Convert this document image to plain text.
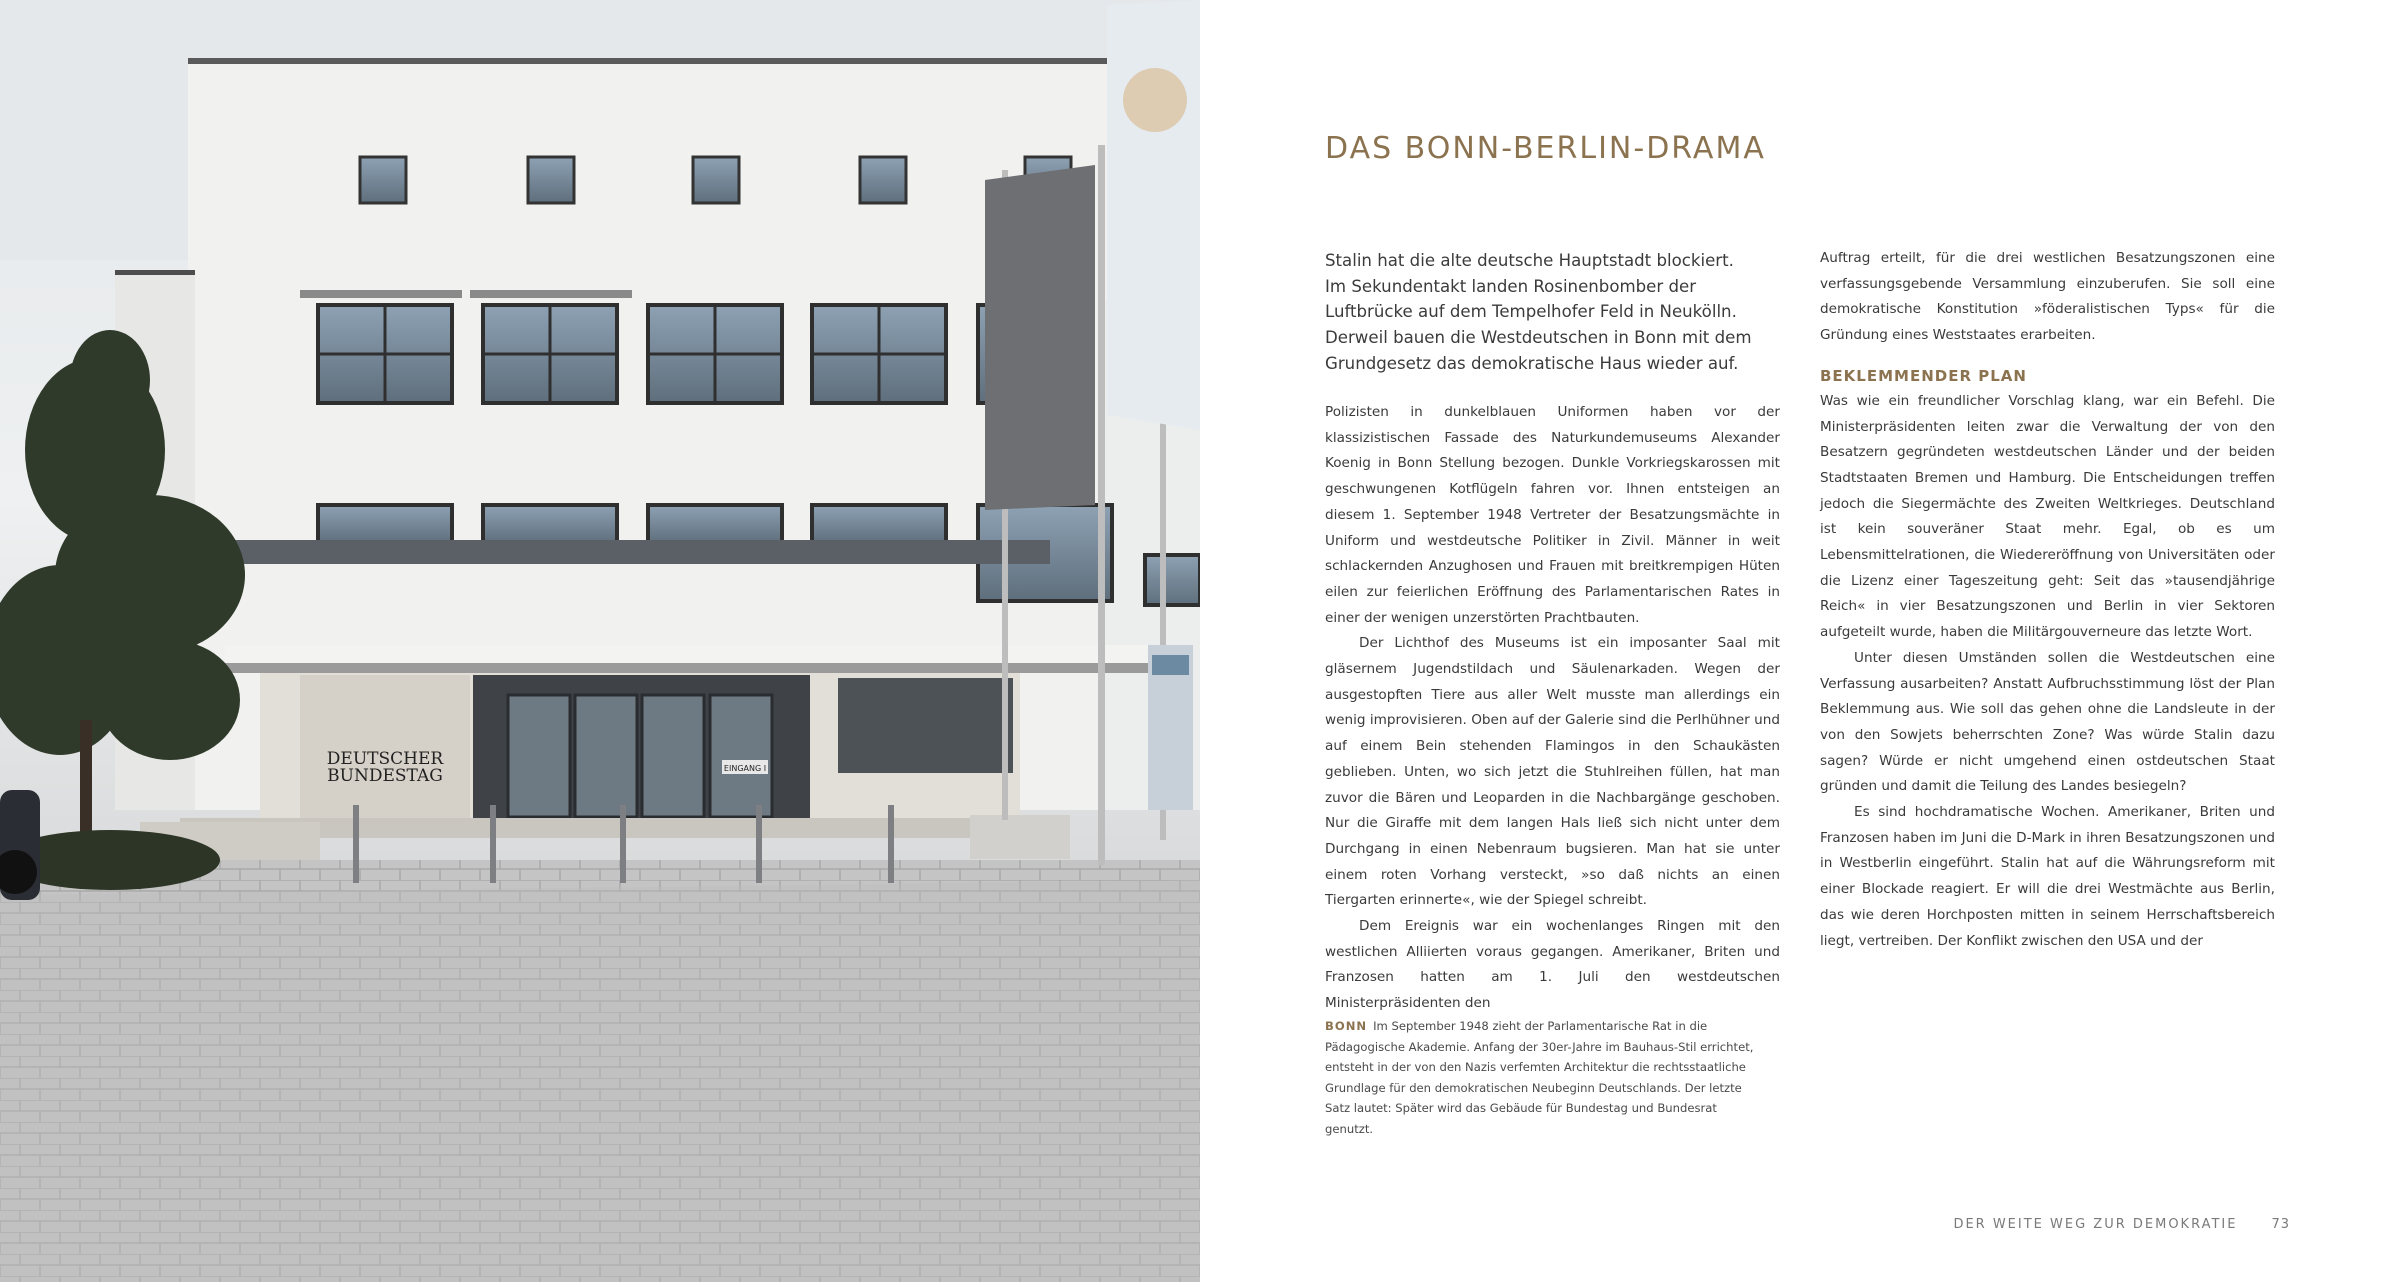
DEUTSCHER
BUNDESTAG	EINGANG I
DAS BONN-BERLIN-DRAMA
Stalin hat die alte deutsche Hauptstadt blockiert.
Im Sekundentakt landen Rosinenbomber der
Luftbrücke auf dem Tempelhofer Feld in Neukölln.
Derweil bauen die Westdeutschen in Bonn mit dem
Grundgesetz das demokratische Haus wieder auf.

Polizisten in dunkelblauen Uniformen haben vor der klassizistischen Fassade des Naturkundemuseums Alexander Koenig in Bonn Stellung bezogen. Dunkle Vorkriegskarossen mit geschwungenen Kotflügeln fahren vor. Ihnen entsteigen an diesem 1. September 1948 Vertreter der Besatzungsmächte in Uniform und westdeutsche Politiker in Zivil. Männer in weit schlackernden Anzughosen und Frauen mit breitkrempigen Hüten eilen zur feierlichen Eröffnung des Parlamentarischen Rates in einer der wenigen unzerstörten Prachtbauten.

Der Lichthof des Museums ist ein imposanter Saal mit gläsernem Jugendstildach und Säulenarkaden. Wegen der ausgestopften Tiere aus aller Welt musste man allerdings ein wenig improvisieren. Oben auf der Galerie sind die Perlhühner und auf einem Bein stehenden Flamingos in den Schaukästen geblieben. Unten, wo sich jetzt die Stuhlreihen füllen, hat man zuvor die Bären und Leoparden in die Nachbargänge geschoben. Nur die Giraffe mit dem langen Hals ließ sich nicht unter dem Durchgang in einen Nebenraum bugsieren. Man hat sie unter einem roten Vorhang versteckt, »so daß nichts an einen Tiergarten erinnerte«, wie der Spiegel schreibt.

Dem Ereignis war ein wochenlanges Ringen mit den westlichen Alliierten voraus gegangen. Amerikaner, Briten und Franzosen hatten am 1. Juli den westdeutschen Ministerpräsidenten den

Auftrag erteilt, für die drei westlichen Besatzungszonen eine verfassungsgebende Versammlung einzuberufen. Sie soll eine demokratische Konstitution »föderalistischen Typs« für die Gründung eines Weststaates erarbeiten.

BEKLEMMENDER PLAN

Was wie ein freundlicher Vorschlag klang, war ein Befehl. Die Ministerpräsidenten leiten zwar die Verwaltung der von den Besatzern gegründeten westdeutschen Länder und der beiden Stadtstaaten Bremen und Hamburg. Die Entscheidungen treffen jedoch die Siegermächte des Zweiten Weltkrieges. Deutschland ist kein souveräner Staat mehr. Egal, ob es um Lebensmittelrationen, die Wiedereröffnung von Universitäten oder die Lizenz einer Tageszeitung geht: Seit das »tausendjährige Reich« in vier Besatzungszonen und Berlin in vier Sektoren aufgeteilt wurde, haben die Militärgouverneure das letzte Wort.

Unter diesen Umständen sollen die Westdeutschen eine Verfassung ausarbeiten? Anstatt Aufbruchsstimmung löst der Plan Beklemmung aus. Wie soll das gehen ohne die Landsleute in der von den Sowjets beherrschten Zone? Was würde Stalin dazu sagen? Würde er nicht umgehend einen ostdeutschen Staat gründen und damit die Teilung des Landes besiegeln?

Es sind hochdramatische Wochen. Amerikaner, Briten und Franzosen haben im Juni die D-Mark in ihren Besatzungszonen und in Westberlin eingeführt. Stalin hat auf die Währungsreform mit einer Blockade reagiert. Er will die drei Westmächte aus Berlin, das wie deren Horchposten mitten in seinem Herrschaftsbereich liegt, vertreiben. Der Konflikt zwischen den USA und der

BONN Im September 1948 zieht der Parlamentarische Rat in die Pädagogische Akademie. Anfang der 30er-Jahre im Bauhaus-Stil errichtet, entsteht in der von den Nazis verfemten Architektur die rechtsstaatliche Grundlage für den demokratischen Neubeginn Deutschlands. Der letzte Satz lautet: Später wird das Gebäude für Bundestag und Bundesrat genutzt.

DER WEITE WEG ZUR DEMOKRATIE	73
